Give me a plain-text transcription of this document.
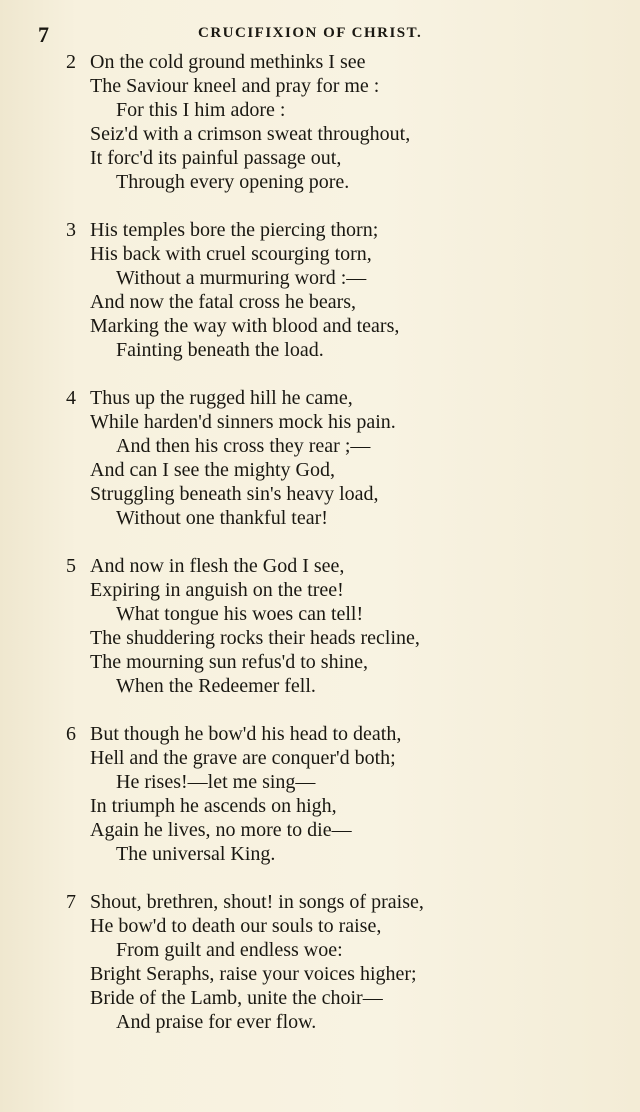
7	CRUCIFIXION OF CHRIST.
2 On the cold ground methinks I see
The Saviour kneel and pray for me :
For this I him adore :
Seiz'd with a crimson sweat throughout,
It forc'd its painful passage out,
Through every opening pore.
3 His temples bore the piercing thorn;
His back with cruel scourging torn,
Without a murmuring word :—
And now the fatal cross he bears,
Marking the way with blood and tears,
Fainting beneath the load.
4 Thus up the rugged hill he came,
While harden'd sinners mock his pain.
And then his cross they rear ;—
And can I see the mighty God,
Struggling beneath sin's heavy load,
Without one thankful tear!
5 And now in flesh the God I see,
Expiring in anguish on the tree!
What tongue his woes can tell!
The shuddering rocks their heads recline,
The mourning sun refus'd to shine,
When the Redeemer fell.
6 But though he bow'd his head to death,
Hell and the grave are conquer'd both;
He rises!—let me sing—
In triumph he ascends on high,
Again he lives, no more to die—
The universal King.
7 Shout, brethren, shout! in songs of praise,
He bow'd to death our souls to raise,
From guilt and endless woe:
Bright Seraphs, raise your voices higher;
Bride of the Lamb, unite the choir—
And praise for ever flow.
